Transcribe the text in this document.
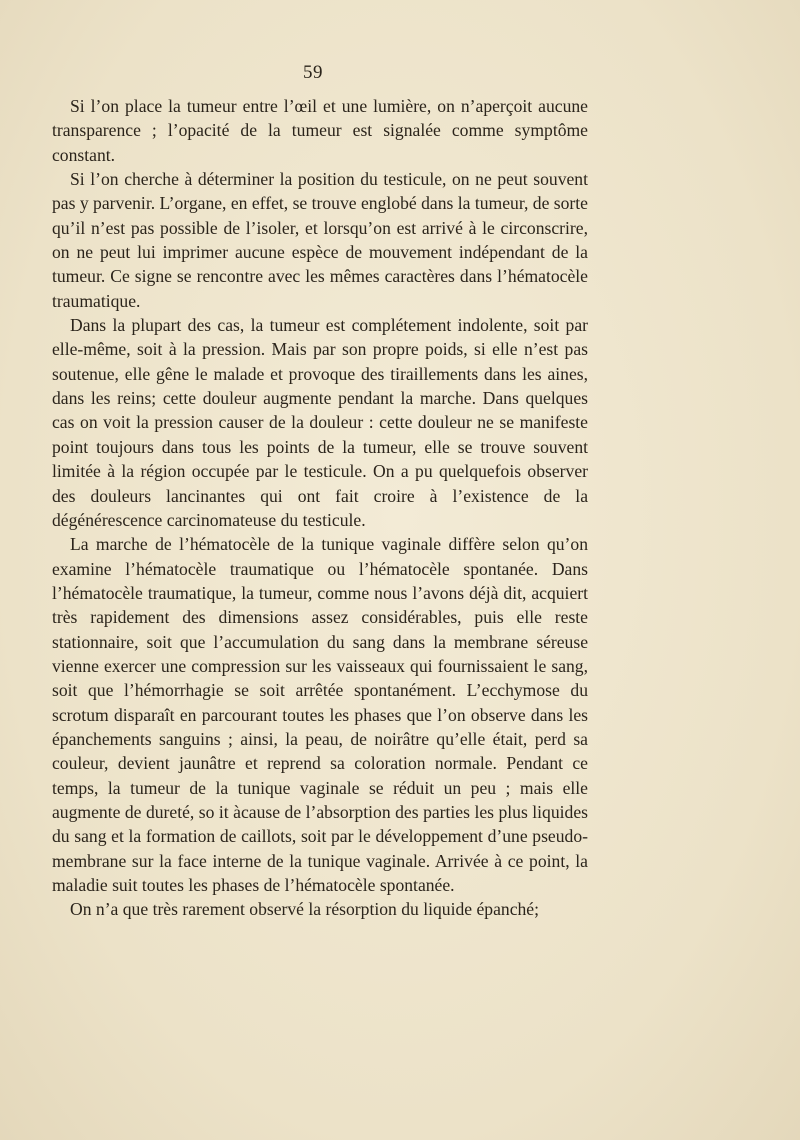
59

Si l’on place la tumeur entre l’œil et une lumière, on n’aperçoit aucune transparence ; l’opacité de la tumeur est signalée comme symptôme constant.

Si l’on cherche à déterminer la position du testicule, on ne peut souvent pas y parvenir. L’organe, en effet, se trouve englobé dans la tumeur, de sorte qu’il n’est pas possible de l’isoler, et lorsqu’on est arrivé à le circonscrire, on ne peut lui imprimer aucune espèce de mouvement indépendant de la tumeur. Ce signe se rencontre avec les mêmes caractères dans l’hématocèle traumatique.

Dans la plupart des cas, la tumeur est complétement indolente, soit par elle-même, soit à la pression. Mais par son propre poids, si elle n’est pas soutenue, elle gêne le malade et provoque des tiraillements dans les aines, dans les reins; cette douleur augmente pendant la marche. Dans quelques cas on voit la pression causer de la douleur : cette douleur ne se manifeste point toujours dans tous les points de la tumeur, elle se trouve souvent limitée à la région occupée par le testicule. On a pu quelquefois observer des douleurs lancinantes qui ont fait croire à l’existence de la dégénérescence carcinomateuse du testicule.

La marche de l’hématocèle de la tunique vaginale diffère selon qu’on examine l’hématocèle traumatique ou l’hématocèle spontanée. Dans l’hématocèle traumatique, la tumeur, comme nous l’avons déjà dit, acquiert très rapidement des dimensions assez considérables, puis elle reste stationnaire, soit que l’accumulation du sang dans la membrane séreuse vienne exercer une compression sur les vaisseaux qui fournissaient le sang, soit que l’hémorrhagie se soit arrêtée spontanément. L’ecchymose du scrotum disparaît en parcourant toutes les phases que l’on observe dans les épanchements sanguins ; ainsi, la peau, de noirâtre qu’elle était, perd sa couleur, devient jaunâtre et reprend sa coloration normale. Pendant ce temps, la tumeur de la tunique vaginale se réduit un peu ; mais elle augmente de dureté, so it àcause de l’absorption des parties les plus liquides du sang et la formation de caillots, soit par le développement d’une pseudo-membrane sur la face interne de la tunique vaginale. Arrivée à ce point, la maladie suit toutes les phases de l’hématocèle spontanée.

On n’a que très rarement observé la résorption du liquide épanché;
